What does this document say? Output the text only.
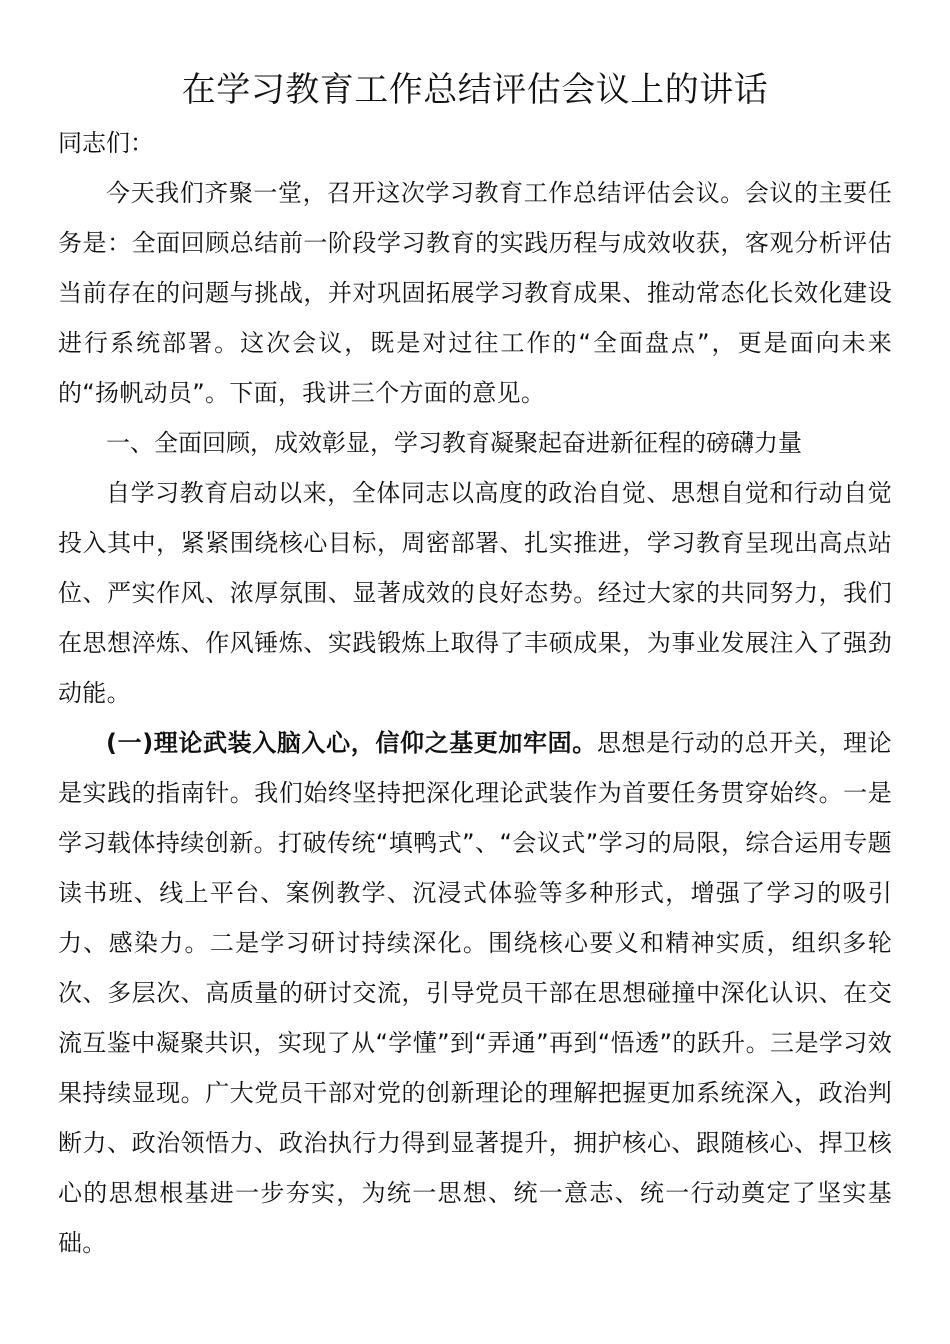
在学习教育工作总结评估会议上的讲话

同志们：

今天我们齐聚一堂，召开这次学习教育工作总结评估会议。会议的主要任务是：全面回顾总结前一阶段学习教育的实践历程与成效收获，客观分析评估当前存在的问题与挑战，并对巩固拓展学习教育成果、推动常态化长效化建设进行系统部署。这次会议，既是对过往工作的“全面盘点”，更是面向未来的“扬帆动员”。下面，我讲三个方面的意见。

一、全面回顾，成效彰显，学习教育凝聚起奋进新征程的磅礴力量

自学习教育启动以来，全体同志以高度的政治自觉、思想自觉和行动自觉投入其中，紧紧围绕核心目标，周密部署、扎实推进，学习教育呈现出高点站位、严实作风、浓厚氛围、显著成效的良好态势。经过大家的共同努力，我们在思想淬炼、作风锤炼、实践锻炼上取得了丰硕成果，为事业发展注入了强劲动能。

(一)理论武装入脑入心，信仰之基更加牢固。思想是行动的总开关，理论是实践的指南针。我们始终坚持把深化理论武装作为首要任务贯穿始终。一是学习载体持续创新。打破传统“填鸭式”、“会议式”学习的局限，综合运用专题读书班、线上平台、案例教学、沉浸式体验等多种形式，增强了学习的吸引力、感染力。二是学习研讨持续深化。围绕核心要义和精神实质，组织多轮次、多层次、高质量的研讨交流，引导党员干部在思想碰撞中深化认识、在交流互鉴中凝聚共识，实现了从“学懂”到“弄通”再到“悟透”的跃升。三是学习效果持续显现。广大党员干部对党的创新理论的理解把握更加系统深入，政治判断力、政治领悟力、政治执行力得到显著提升，拥护核心、跟随核心、捍卫核心的思想根基进一步夯实，为统一思想、统一意志、统一行动奠定了坚实基础。
